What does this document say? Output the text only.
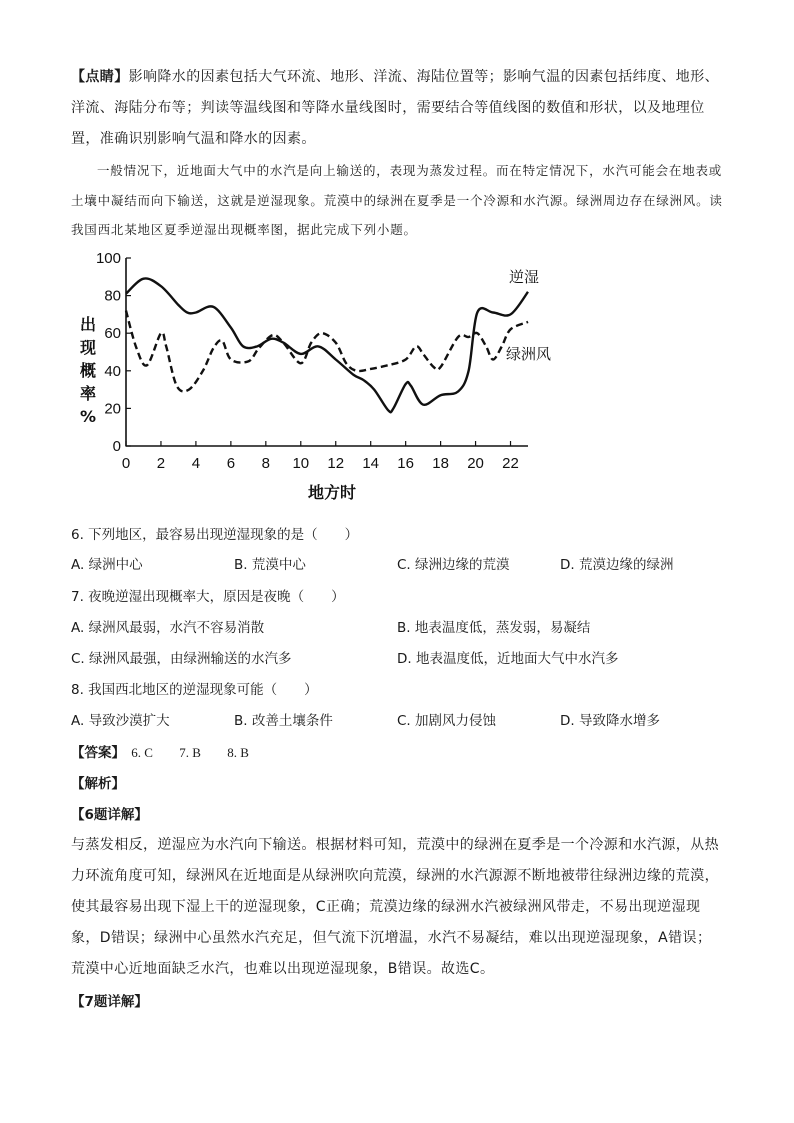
【点睛】影响降水的因素包括大气环流、地形、洋流、海陆位置等；影响气温的因素包括纬度、地形、洋流、海陆分布等；判读等温线图和等降水量线图时，需要结合等值线图的数值和形状，以及地理位置，准确识别影响气温和降水的因素。
一般情况下，近地面大气中的水汽是向上输送的，表现为蒸发过程。而在特定情况下，水汽可能会在地表或土壤中凝结而向下输送，这就是逆湿现象。荒漠中的绿洲在夏季是一个冷源和水汽源。绿洲周边存在绿洲风。读我国西北某地区夏季逆湿出现概率图，据此完成下列小题。
0
20
40
60
80
100
0 2 4 6 8 10 12 14 16 18 20 22
出现概率%
地方时
逆湿
绿洲风
6. 下列地区，最容易出现逆湿现象的是（　　）
A. 绿洲中心	B. 荒漠中心	C. 绿洲边缘的荒漠	D. 荒漠边缘的绿洲
7. 夜晚逆湿出现概率大，原因是夜晚（　　）
A. 绿洲风最弱，水汽不容易消散	B. 地表温度低，蒸发弱，易凝结
C. 绿洲风最强，由绿洲输送的水汽多	D. 地表温度低，近地面大气中水汽多
8. 我国西北地区的逆湿现象可能（　　）
A. 导致沙漠扩大	B. 改善土壤条件	C. 加剧风力侵蚀	D. 导致降水增多
【答案】 6. C 7. B 8. B
【解析】
【6题详解】
与蒸发相反，逆湿应为水汽向下输送。根据材料可知，荒漠中的绿洲在夏季是一个冷源和水汽源，从热力环流角度可知，绿洲风在近地面是从绿洲吹向荒漠，绿洲的水汽源源不断地被带往绿洲边缘的荒漠，使其最容易出现下湿上干的逆湿现象，C正确；荒漠边缘的绿洲水汽被绿洲风带走，不易出现逆湿现象，D错误；绿洲中心虽然水汽充足，但气流下沉增温，水汽不易凝结，难以出现逆湿现象，A错误；荒漠中心近地面缺乏水汽，也难以出现逆湿现象，B错误。故选C。
【7题详解】
